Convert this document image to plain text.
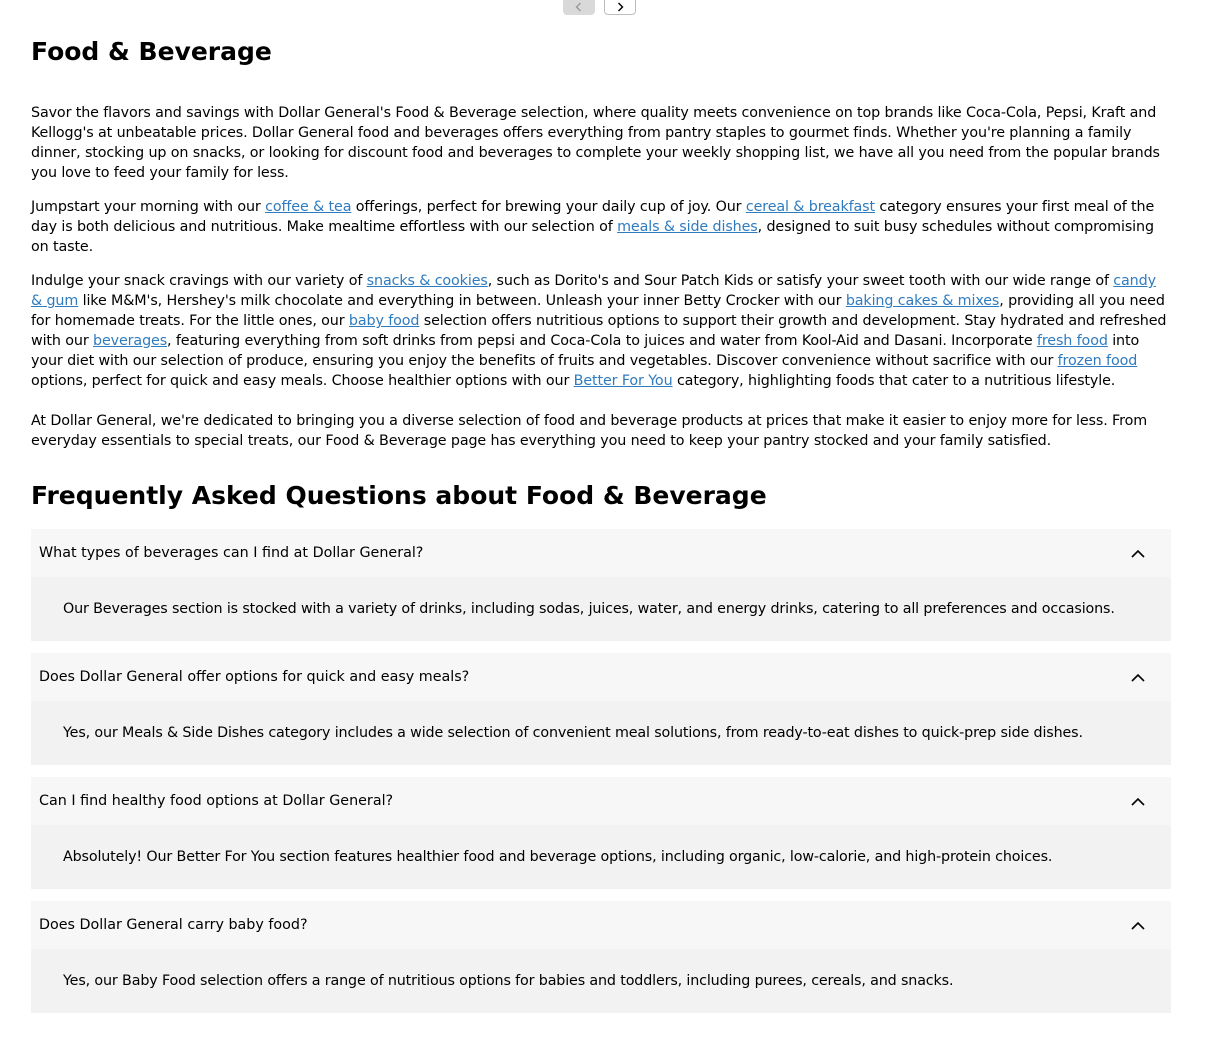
Food & Beverage

Savor the flavors and savings with Dollar General's Food & Beverage selection, where quality meets convenience on top brands like Coca-Cola, Pepsi, Kraft and Kellogg's at unbeatable prices. Dollar General food and beverages offers everything from pantry staples to gourmet finds. Whether you're planning a family dinner, stocking up on snacks, or looking for discount food and beverages to complete your weekly shopping list, we have all you need from the popular brands you love to feed your family for less.

Jumpstart your morning with our coffee & tea offerings, perfect for brewing your daily cup of joy. Our cereal & breakfast category ensures your first meal of the day is both delicious and nutritious. Make mealtime effortless with our selection of meals & side dishes, designed to suit busy schedules without compromising on taste.

Indulge your snack cravings with our variety of snacks & cookies, such as Dorito's and Sour Patch Kids or satisfy your sweet tooth with our wide range of candy & gum like M&M's, Hershey's milk chocolate and everything in between. Unleash your inner Betty Crocker with our baking cakes & mixes, providing all you need for homemade treats. For the little ones, our baby food selection offers nutritious options to support their growth and development. Stay hydrated and refreshed with our beverages, featuring everything from soft drinks from pepsi and Coca-Cola to juices and water from Kool-Aid and Dasani. Incorporate fresh food into your diet with our selection of produce, ensuring you enjoy the benefits of fruits and vegetables. Discover convenience without sacrifice with our frozen food options, perfect for quick and easy meals. Choose healthier options with our Better For You category, highlighting foods that cater to a nutritious lifestyle.

At Dollar General, we're dedicated to bringing you a diverse selection of food and beverage products at prices that make it easier to enjoy more for less. From everyday essentials to special treats, our Food & Beverage page has everything you need to keep your pantry stocked and your family satisfied.

Frequently Asked Questions about Food & Beverage
What types of beverages can I find at Dollar General?
Our Beverages section is stocked with a variety of drinks, including sodas, juices, water, and energy drinks, catering to all preferences and occasions.
Does Dollar General offer options for quick and easy meals?
Yes, our Meals & Side Dishes category includes a wide selection of convenient meal solutions, from ready-to-eat dishes to quick-prep side dishes.
Can I find healthy food options at Dollar General?
Absolutely! Our Better For You section features healthier food and beverage options, including organic, low-calorie, and high-protein choices.
Does Dollar General carry baby food?
Yes, our Baby Food selection offers a range of nutritious options for babies and toddlers, including purees, cereals, and snacks.
